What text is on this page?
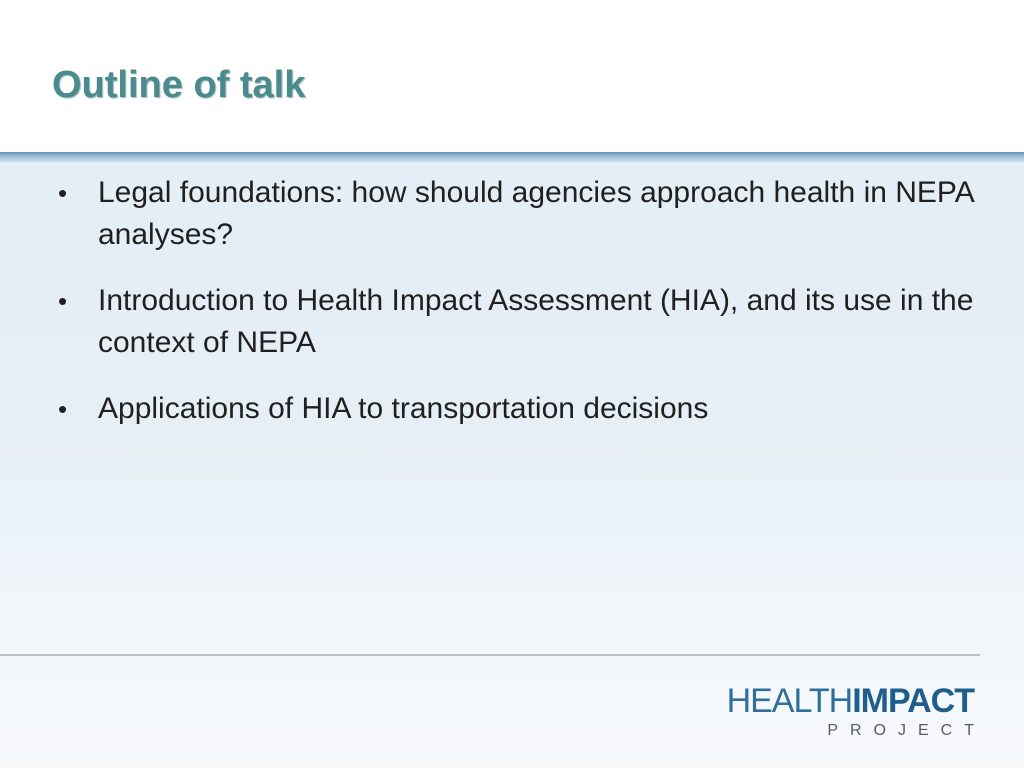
Outline of talk
• Legal foundations: how should agencies approach health in NEPA analyses?
• Introduction to Health Impact Assessment (HIA), and its use in the context of NEPA
• Applications of HIA to transportation decisions
HEALTHIMPACT
PROJECT
